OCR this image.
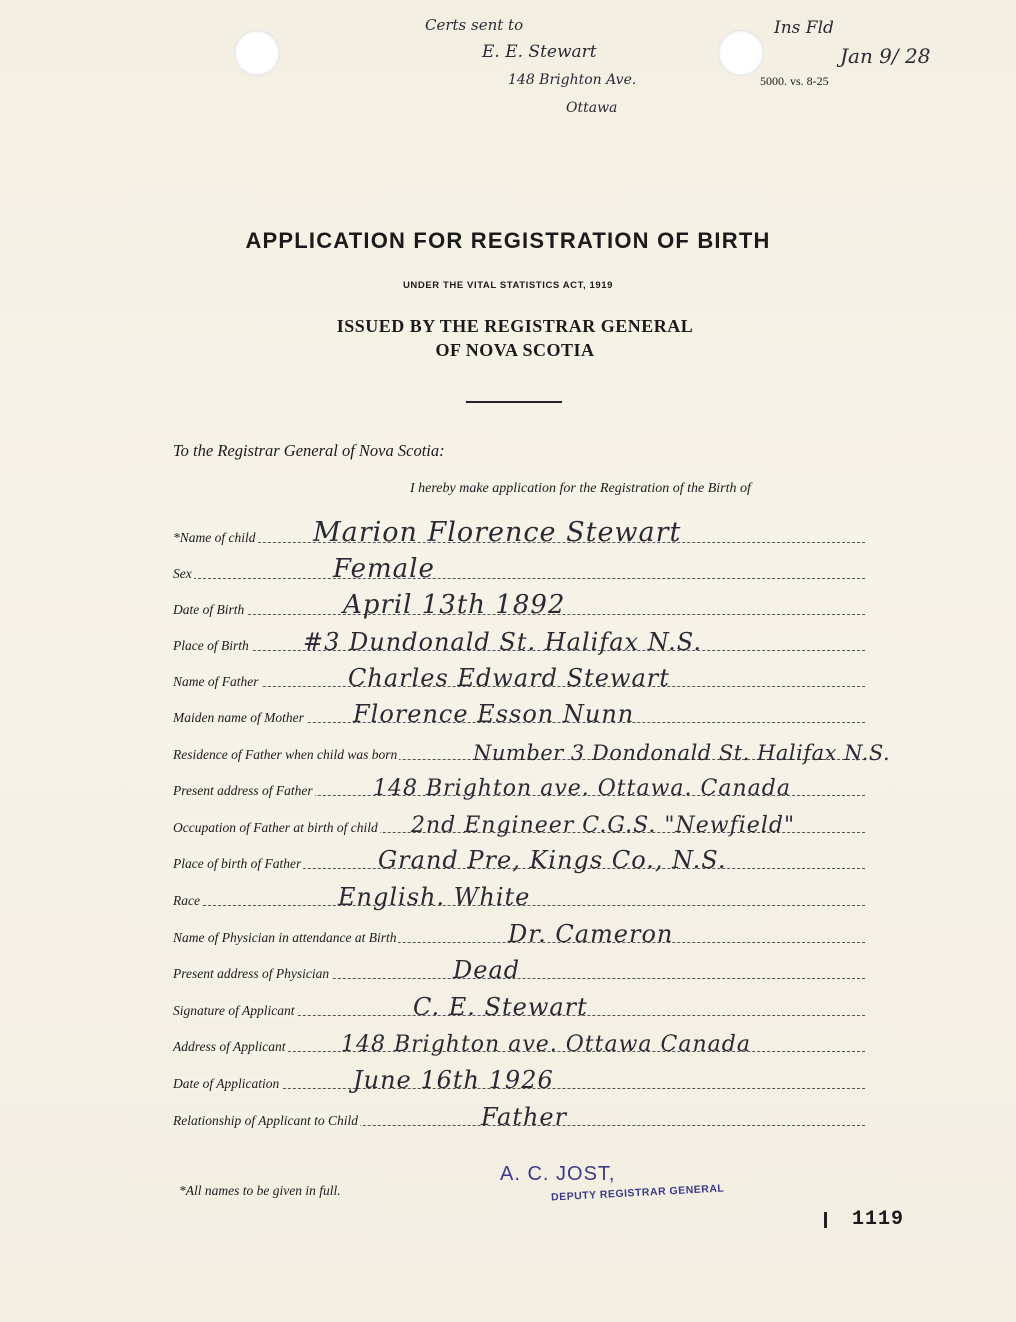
Certs sent to
E. E. Stewart
148 Brighton Ave.
Ottawa
Ins Fld
Jan 9/ 28
5000. vs. 8-25
APPLICATION FOR REGISTRATION OF BIRTH
UNDER THE VITAL STATISTICS ACT, 1919
ISSUED BY THE REGISTRAR GENERAL
OF NOVA SCOTIA
To the Registrar General of Nova Scotia:
I hereby make application for the Registration of the Birth of
*Name of child Marion Florence Stewart
Sex	Female
Date of Birth	April 13th 1892
Place of Birth #3 Dundonald St. Halifax N.S.
Name of Father	Charles Edward Stewart
Maiden name of Mother Florence Esson Nunn
Residence of Father when child was born	Number 3 Dondonald St. Halifax N.S.
Present address of Father	148 Brighton ave. Ottawa. Canada
Occupation of Father at birth of child 2nd Engineer C.G.S. "Newfield"
Place of birth of Father	Grand Pre, Kings Co., N.S.
Race	English. White
Name of Physician in attendance at Birth	Dr. Cameron
Present address of Physician	Dead
Signature of Applicant	C. E. Stewart
Address of Applicant	148 Brighton ave. Ottawa Canada
Date of Application	June 16th 1926
Relationship of Applicant to Child	Father
*All names to be given in full.
A. C. JOST,
DEPUTY REGISTRAR GENERAL
1119
